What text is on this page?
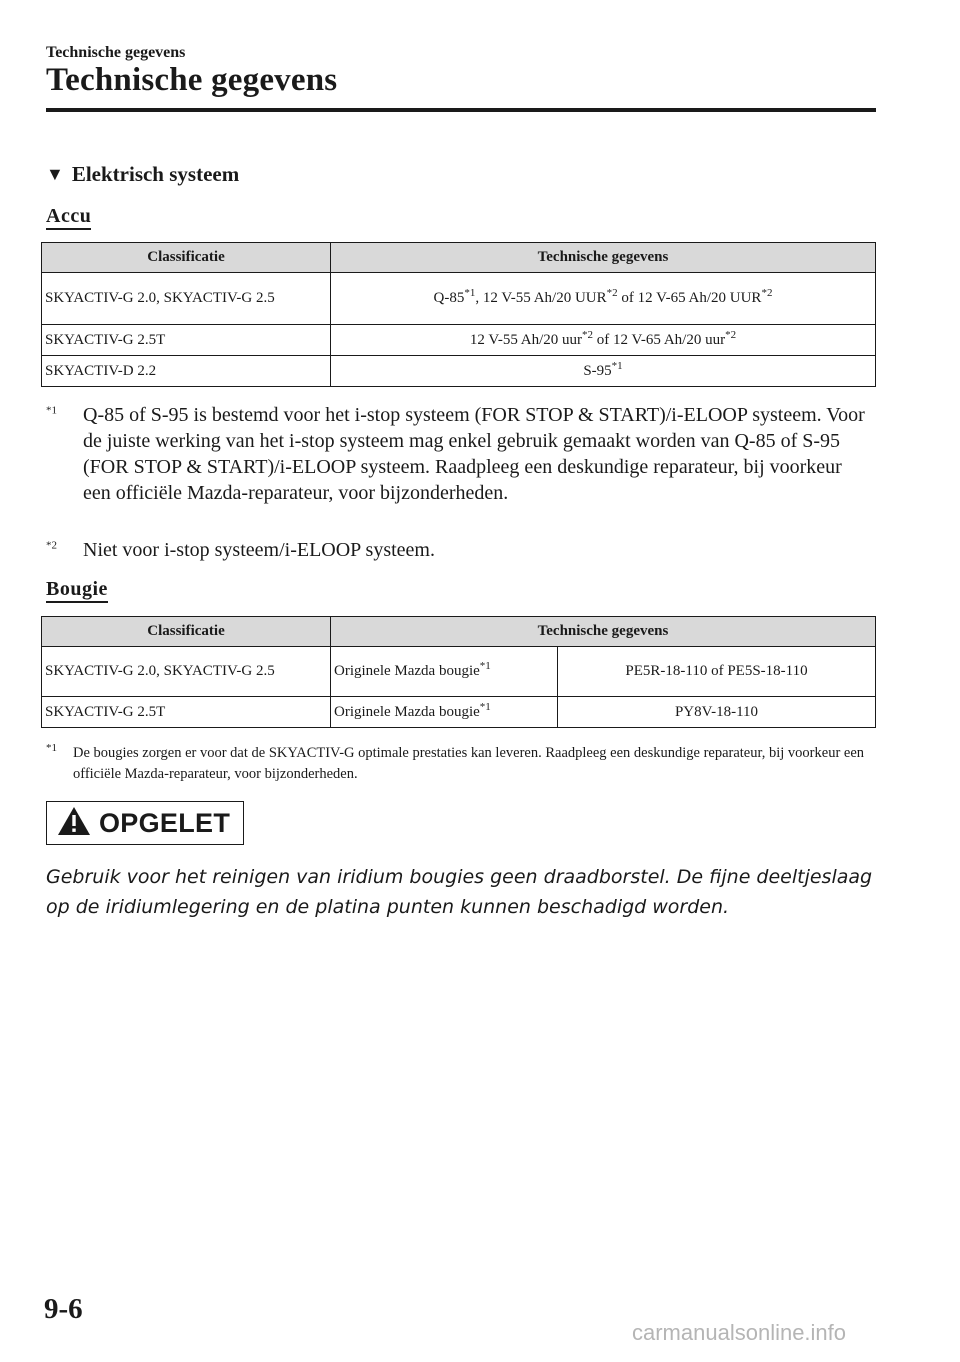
Technische gegevens
Technische gegevens
▼ Elektrisch systeem
Accu
Classificatie	Technische gegevens
SKYACTIV-G 2.0, SKYACTIV-G 2.5	Q-85$^{*1}$, 12 V-55 Ah/20 UUR$^{*2}$ of 12 V-65 Ah/20 UUR$^{*2}$
SKYACTIV-G 2.5T	12 V-55 Ah/20 uur$^{*2}$ of 12 V-65 Ah/20 uur$^{*2}$
SKYACTIV-D 2.2	S-95$^{*1}$
$^{*1}$ Q-85 of S-95 is bestemd voor het i-stop systeem (FOR STOP & START)/i-ELOOP systeem. Voor de juiste werking van het i-stop systeem mag enkel gebruik gemaakt worden van Q-85 of S-95 (FOR STOP & START)/i-ELOOP systeem. Raadpleeg een deskundige reparateur, bij voorkeur een officiële Mazda-reparateur, voor bijzonderheden.
$^{*2}$ Niet voor i-stop systeem/i-ELOOP systeem.
Bougie
Classificatie	Technische gegevens	
SKYACTIV-G 2.0, SKYACTIV-G 2.5	Originele Mazda bougie$^{*1}$	PE5R-18-110 of PE5S-18-110
SKYACTIV-G 2.5T	Originele Mazda bougie$^{*1}$	PY8V-18-110
$^{*1}$ De bougies zorgen er voor dat de SKYACTIV-G optimale prestaties kan leveren. Raadpleeg een deskundige reparateur, bij voorkeur een officiële Mazda-reparateur, voor bijzonderheden.
OPGELET
Gebruik voor het reinigen van iridium bougies geen draadborstel. De fijne deeltjeslaag op de iridiumlegering en de platina punten kunnen beschadigd worden.
9-6
carmanualsonline.info
